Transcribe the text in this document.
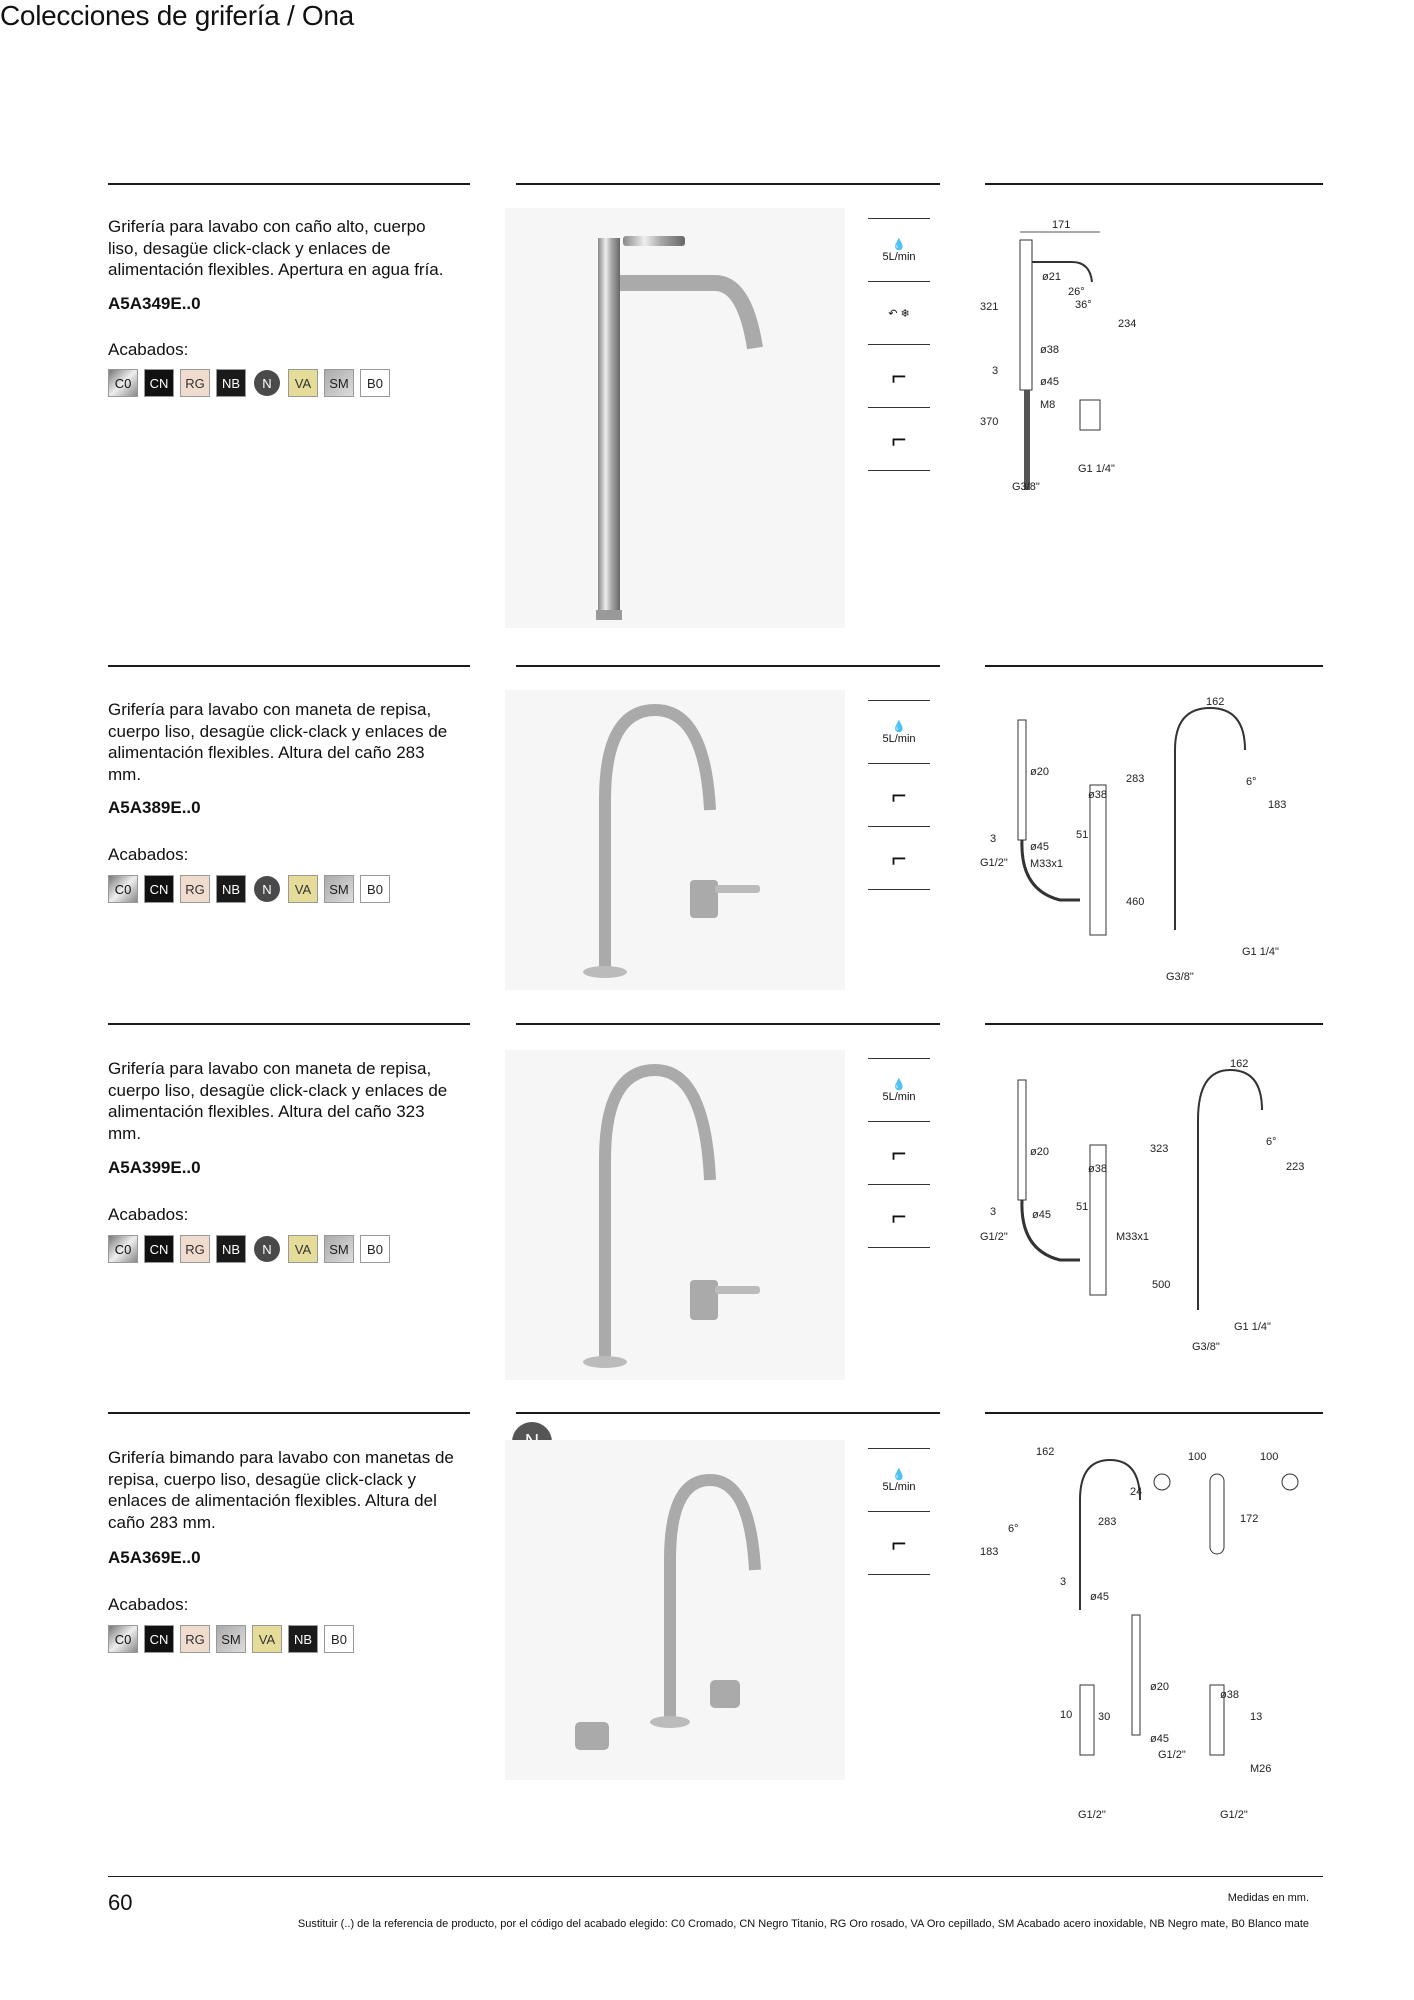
Colecciones de grifería / Ona
Grifería para lavabo con caño alto, cuerpo liso, desagüe click-clack y enlaces de alimentación flexibles. Apertura en agua fría.
A5A349E..0
Acabados:
C0	CN	RG	NB	N	VA	SM	B0
💧
5L/min
↶ ❄
⌐
⌐
171
ø21
26°
36°
321
234
ø38
3
ø45
M8
370
G3/8"
G1 1/4"
Grifería para lavabo con maneta de repisa, cuerpo liso, desagüe click-clack y enlaces de alimentación flexibles. Altura del caño 283 mm.
A5A389E..0
Acabados:
C0	CN	RG	NB	N	VA	SM	B0
💧
5L/min
⌐
⌐
162
ø20
6°
283
183
ø38
51
3
ø45
M33x1
460
G1/2"
G3/8"
G1 1/4"
Grifería para lavabo con maneta de repisa, cuerpo liso, desagüe click-clack y enlaces de alimentación flexibles. Altura del caño 323 mm.
A5A399E..0
Acabados:
C0	CN	RG	NB	N	VA	SM	B0
💧
5L/min
⌐
⌐
162
ø20
6°
323
223
ø38
51
3	ø45
M33x1
500
G1/2"
G3/8"
G1 1/4"
Grifería bimando para lavabo con manetas de repisa, cuerpo liso, desagüe click-clack y enlaces de alimentación flexibles. Altura del caño 283 mm.
A5A369E..0
Acabados:
C0	CN	RG	SM	VA	NB	B0
💧
5L/min
⌐
162	100	100
24
6°
283	172
183
3
ø45
ø20
ø38
10 30	13
ø45
G1/2"
M26
G1/2"	G1/2"
60	Medidas en mm.
Sustituir (..) de la referencia de producto, por el código del acabado elegido: C0 Cromado, CN Negro Titanio, RG Oro rosado, VA Oro cepillado, SM Acabado acero inoxidable, NB Negro mate, B0 Blanco mate
